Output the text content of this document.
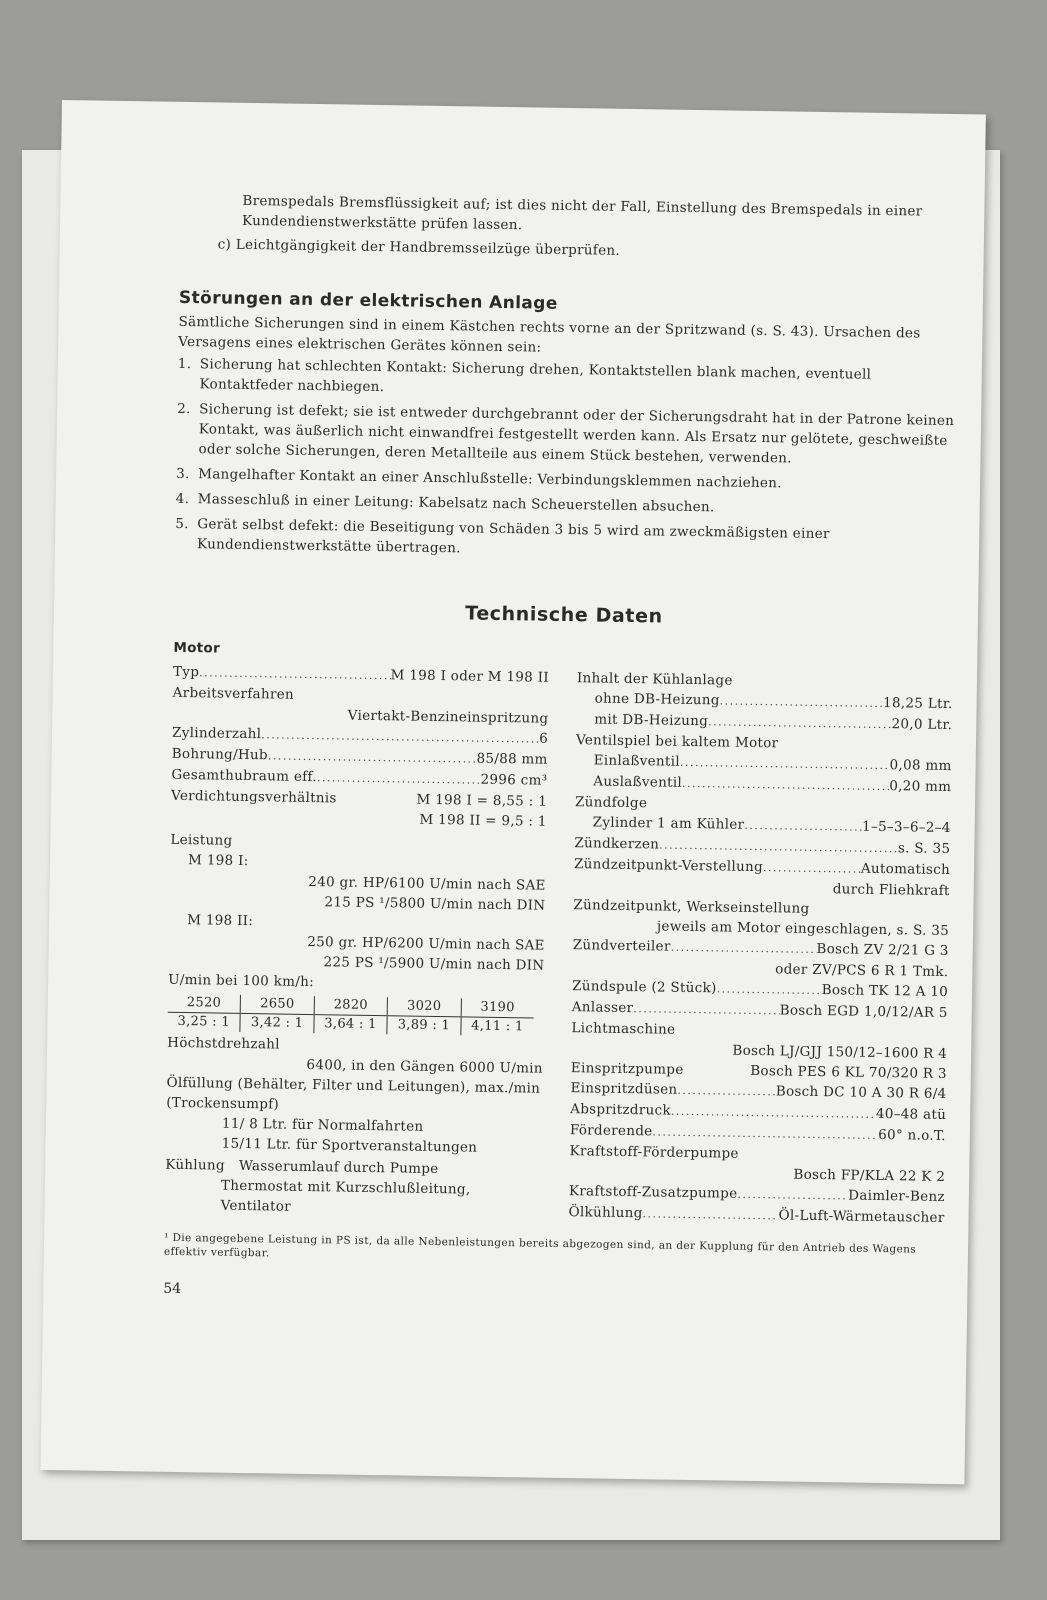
Bremspedals Bremsflüssigkeit auf; ist dies nicht der Fall, Einstellung des Bremspedals in einer Kundendienstwerkstätte prüfen lassen.

c) Leichtgängigkeit der Handbremsseilzüge überprüfen.

Störungen an der elektrischen Anlage

Sämtliche Sicherungen sind in einem Kästchen rechts vorne an der Spritzwand (s. S. 43). Ursachen des Versagens eines elektrischen Gerätes können sein:

1. Sicherung hat schlechten Kontakt: Sicherung drehen, Kontaktstellen blank machen, eventuell Kontaktfeder nachbiegen.
2. Sicherung ist defekt; sie ist entweder durchgebrannt oder der Sicherungsdraht hat in der Patrone keinen Kontakt, was äußerlich nicht einwandfrei festgestellt werden kann. Als Ersatz nur gelötete, geschweißte oder solche Sicherungen, deren Metallteile aus einem Stück bestehen, verwenden.
3. Mangelhafter Kontakt an einer Anschlußstelle: Verbindungsklemmen nachziehen.
4. Masseschluß in einer Leitung: Kabelsatz nach Scheuerstellen absuchen.
5. Gerät selbst defekt: die Beseitigung von Schäden 3 bis 5 wird am zweckmäßigsten einer Kundendienstwerkstätte übertragen.
Technische Daten
Motor
Typ . . .	M 198 I oder M 198 II
Arbeitsverfahren
Viertakt-Benzineinspritzung
Zylinderzahl . . .	6
Bohrung/Hub . . .	85/88 mm
Gesamthubraum eff. . . .	2996 cm³
Verdichtungsverhältnis	M 198 I = 8,55 : 1
M 198 II = 9,5 : 1
Leistung
M 198 I:
240 gr. HP/6100 U/min nach SAE
215 PS ¹/5800 U/min nach DIN
M 198 II:
250 gr. HP/6200 U/min nach SAE
225 PS ¹/5900 U/min nach DIN
U/min bei 100 km/h:
2520	2650	2820	3020	3190
3,25 : 1	3,42 : 1	3,64 : 1	3,89 : 1	4,11 : 1
Höchstdrehzahl
6400, in den Gängen 6000 U/min
Ölfüllung (Behälter, Filter und Leitungen), max./min (Trockensumpf)
11/ 8 Ltr. für Normalfahrten
15/11 Ltr. für Sportveranstaltungen
Kühlung Wasserumlauf durch Pumpe
Thermostat mit Kurzschlußleitung,
Ventilator
Inhalt der Kühlanlage
ohne DB-Heizung . . .	18,25 Ltr.
mit DB-Heizung . . .	20,0 Ltr.
Ventilspiel bei kaltem Motor
Einlaßventil . . .	0,08 mm
Auslaßventil . . .	0,20 mm
Zündfolge
Zylinder 1 am Kühler . . .	1–5–3–6–2–4
Zündkerzen . . .	s. S. 35
Zündzeitpunkt-Verstellung . . .	Automatisch
durch Fliehkraft
Zündzeitpunkt, Werkseinstellung
jeweils am Motor eingeschlagen, s. S. 35
Zündverteiler . . .	Bosch ZV 2/21 G 3
oder ZV/PCS 6 R 1 Tmk.
Zündspule (2 Stück) . . .	Bosch TK 12 A 10
Anlasser . . .	Bosch EGD 1,0/12/AR 5
Lichtmaschine
Bosch LJ/GJJ 150/12–1600 R 4
Einspritzpumpe	Bosch PES 6 KL 70/320 R 3
Einspritzdüsen . . .	Bosch DC 10 A 30 R 6/4
Abspritzdruck . . .	40–48 atü
Förderende . . .	60° n.o.T.
Kraftstoff-Förderpumpe
Bosch FP/KLA 22 K 2
Kraftstoff-Zusatzpumpe . . .	Daimler-Benz
Ölkühlung . . .	Öl-Luft-Wärmetauscher
¹ Die angegebene Leistung in PS ist, da alle Nebenleistungen bereits abgezogen sind, an der Kupplung für den Antrieb des Wagens effektiv verfügbar.
54
